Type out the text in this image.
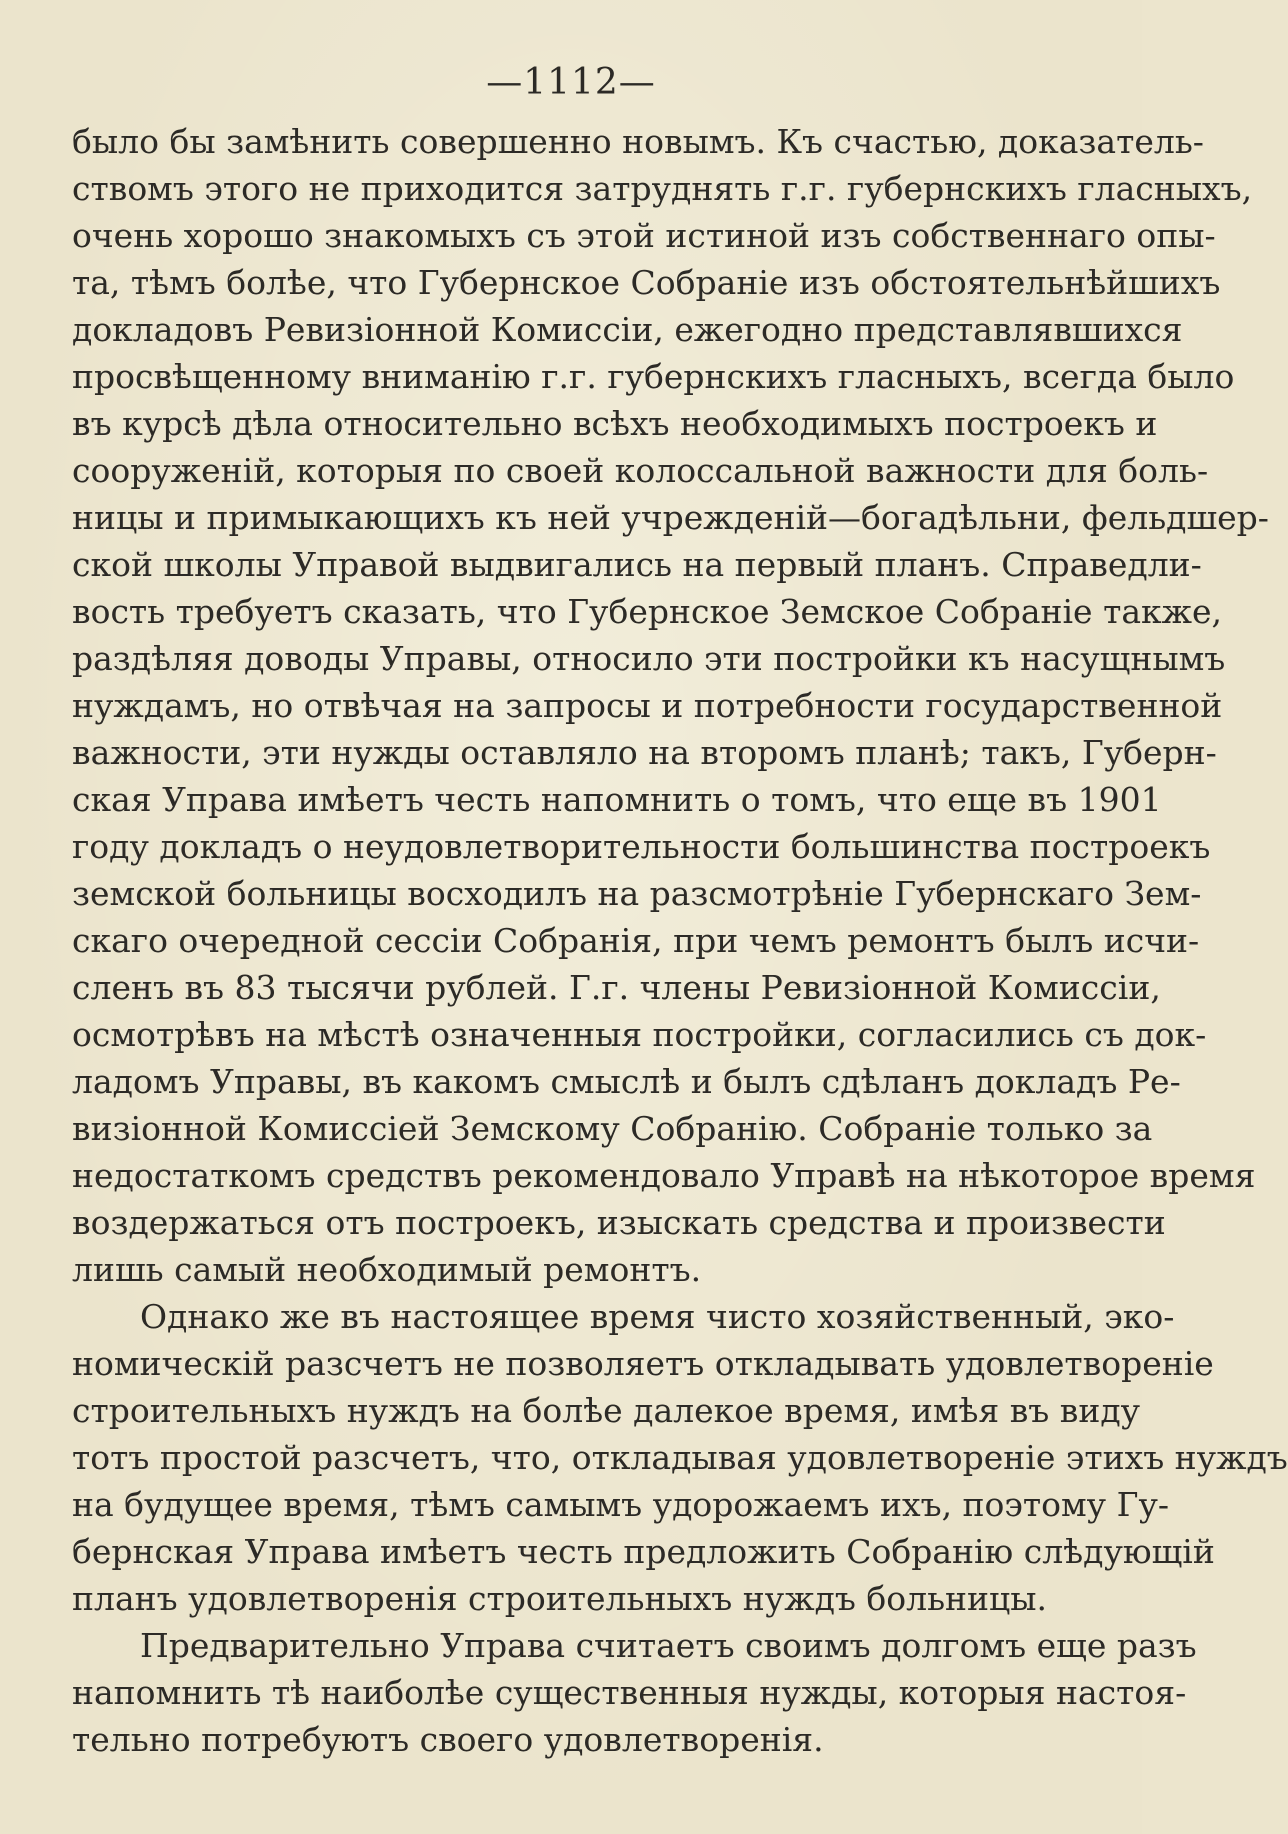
—1112—
было бы замѣнить совершенно новымъ. Къ счастью, доказатель-
ствомъ этого не приходится затруднять г.г. губернскихъ гласныхъ,
очень хорошо знакомыхъ съ этой истиной изъ собственнаго опы-
та, тѣмъ болѣе, что Губернское Собраніе изъ обстоятельнѣйшихъ
докладовъ Ревизіонной Комиссіи, ежегодно представлявшихся
просвѣщенному вниманію г.г. губернскихъ гласныхъ, всегда было
въ курсѣ дѣла относительно всѣхъ необходимыхъ построекъ и
сооруженій, которыя по своей колоссальной важности для боль-
ницы и примыкающихъ къ ней учрежденій—богадѣльни, фельдшер-
ской школы Управой выдвигались на первый планъ. Справедли-
вость требуетъ сказать, что Губернское Земское Собраніе также,
раздѣляя доводы Управы, относило эти постройки къ насущнымъ
нуждамъ, но отвѣчая на запросы и потребности государственной
важности, эти нужды оставляло на второмъ планѣ; такъ, Губерн-
ская Управа имѣетъ честь напомнить о томъ, что еще въ 1901
году докладъ о неудовлетворительности большинства построекъ
земской больницы восходилъ на разсмотрѣніе Губернскаго Зем-
скаго очередной сессіи Собранія, при чемъ ремонтъ былъ исчи-
сленъ въ 83 тысячи рублей. Г.г. члены Ревизіонной Комиссіи,
осмотрѣвъ на мѣстѣ означенныя постройки, согласились съ док-
ладомъ Управы, въ какомъ смыслѣ и былъ сдѣланъ докладъ Ре-
визіонной Комиссіей Земскому Собранію. Собраніе только за
недостаткомъ средствъ рекомендовало Управѣ на нѣкоторое время
воздержаться отъ построекъ, изыскать средства и произвести
лишь самый необходимый ремонтъ.
Однако же въ настоящее время чисто хозяйственный, эко-
номическій разсчетъ не позволяетъ откладывать удовлетвореніе
строительныхъ нуждъ на болѣе далекое время, имѣя въ виду
тотъ простой разсчетъ, что, откладывая удовлетвореніе этихъ нуждъ
на будущее время, тѣмъ самымъ удорожаемъ ихъ, поэтому Гу-
бернская Управа имѣетъ честь предложить Собранію слѣдующій
планъ удовлетворенія строительныхъ нуждъ больницы.
Предварительно Управа считаетъ своимъ долгомъ еще разъ
напомнить тѣ наиболѣе существенныя нужды, которыя настоя-
тельно потребуютъ своего удовлетворенія.
